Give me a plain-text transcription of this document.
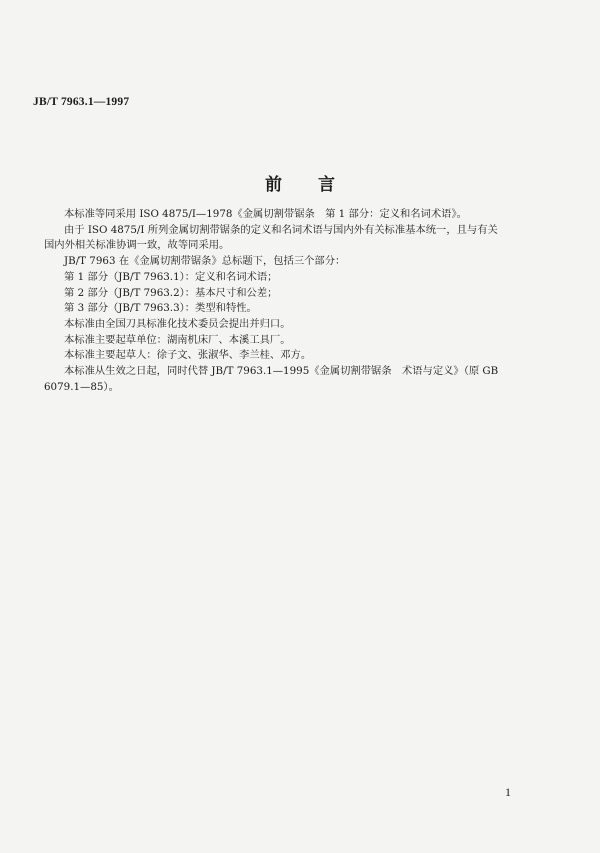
JB/T 7963.1—1997
前言

本标准等同采用 ISO 4875/Ⅰ—1978《金属切割带锯条　第 1 部分：定义和名词术语》。

由于 ISO 4875/Ⅰ 所列金属切割带锯条的定义和名词术语与国内外有关标准基本统一，且与有关

国内外相关标准协调一致，故等同采用。

JB/T 7963 在《金属切割带锯条》总标题下，包括三个部分：

第 1 部分（JB/T 7963.1）：定义和名词术语；

第 2 部分（JB/T 7963.2）：基本尺寸和公差；

第 3 部分（JB/T 7963.3）：类型和特性。

本标准由全国刀具标准化技术委员会提出并归口。

本标准主要起草单位：湖南机床厂、本溪工具厂。

本标准主要起草人：徐子文、张淑华、李兰桂、邓方。

本标准从生效之日起，同时代替 JB/T 7963.1—1995《金属切割带锯条　术语与定义》（原 GB

6079.1—85）。

1
